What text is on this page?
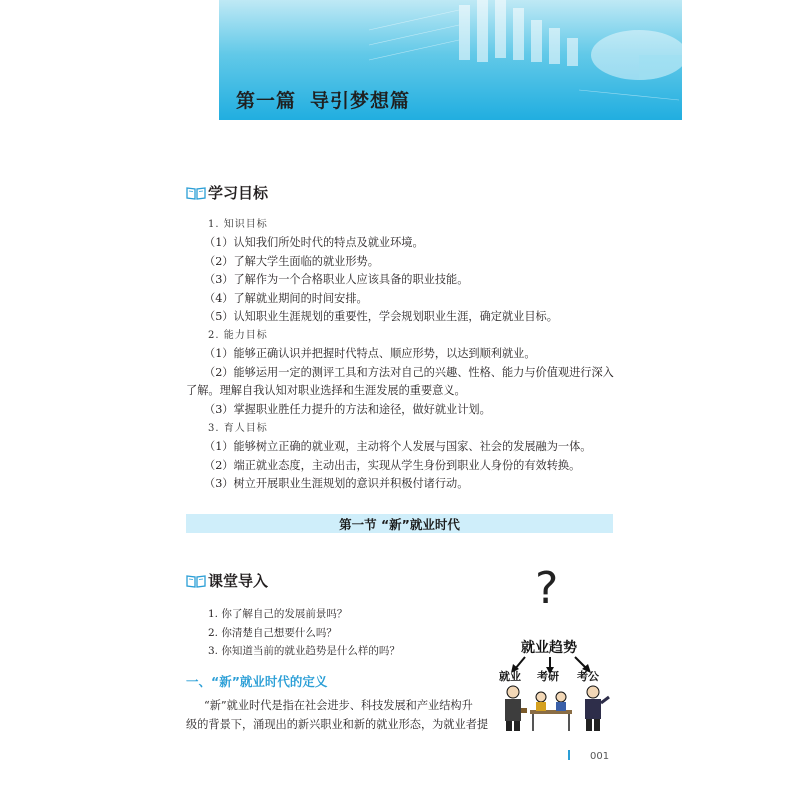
第一篇 导引梦想篇
学习目标
1. 知识目标
（1）认知我们所处时代的特点及就业环境。
（2）了解大学生面临的就业形势。
（3）了解作为一个合格职业人应该具备的职业技能。
（4）了解就业期间的时间安排。
（5）认知职业生涯规划的重要性，学会规划职业生涯，确定就业目标。
2. 能力目标
（1）能够正确认识并把握时代特点、顺应形势，以达到顺利就业。
（2）能够运用一定的测评工具和方法对自己的兴趣、性格、能力与价值观进行深入
了解。理解自我认知对职业选择和生涯发展的重要意义。
（3）掌握职业胜任力提升的方法和途径，做好就业计划。
3. 育人目标
（1）能够树立正确的就业观，主动将个人发展与国家、社会的发展融为一体。
（2）端正就业态度，主动出击，实现从学生身份到职业人身份的有效转换。
（3）树立开展职业生涯规划的意识并积极付诸行动。
第一节 “新”就业时代
课堂导入
1. 你了解自己的发展前景吗？
2. 你清楚自己想要什么吗？
3. 你知道当前的就业趋势是什么样的吗？
一、“新”就业时代的定义
“新”就业时代是指在社会进步、科技发展和产业结构升
级的背景下，涌现出的新兴职业和新的就业形态，为就业者提
?
就业趋势
就业 考研 考公
001
